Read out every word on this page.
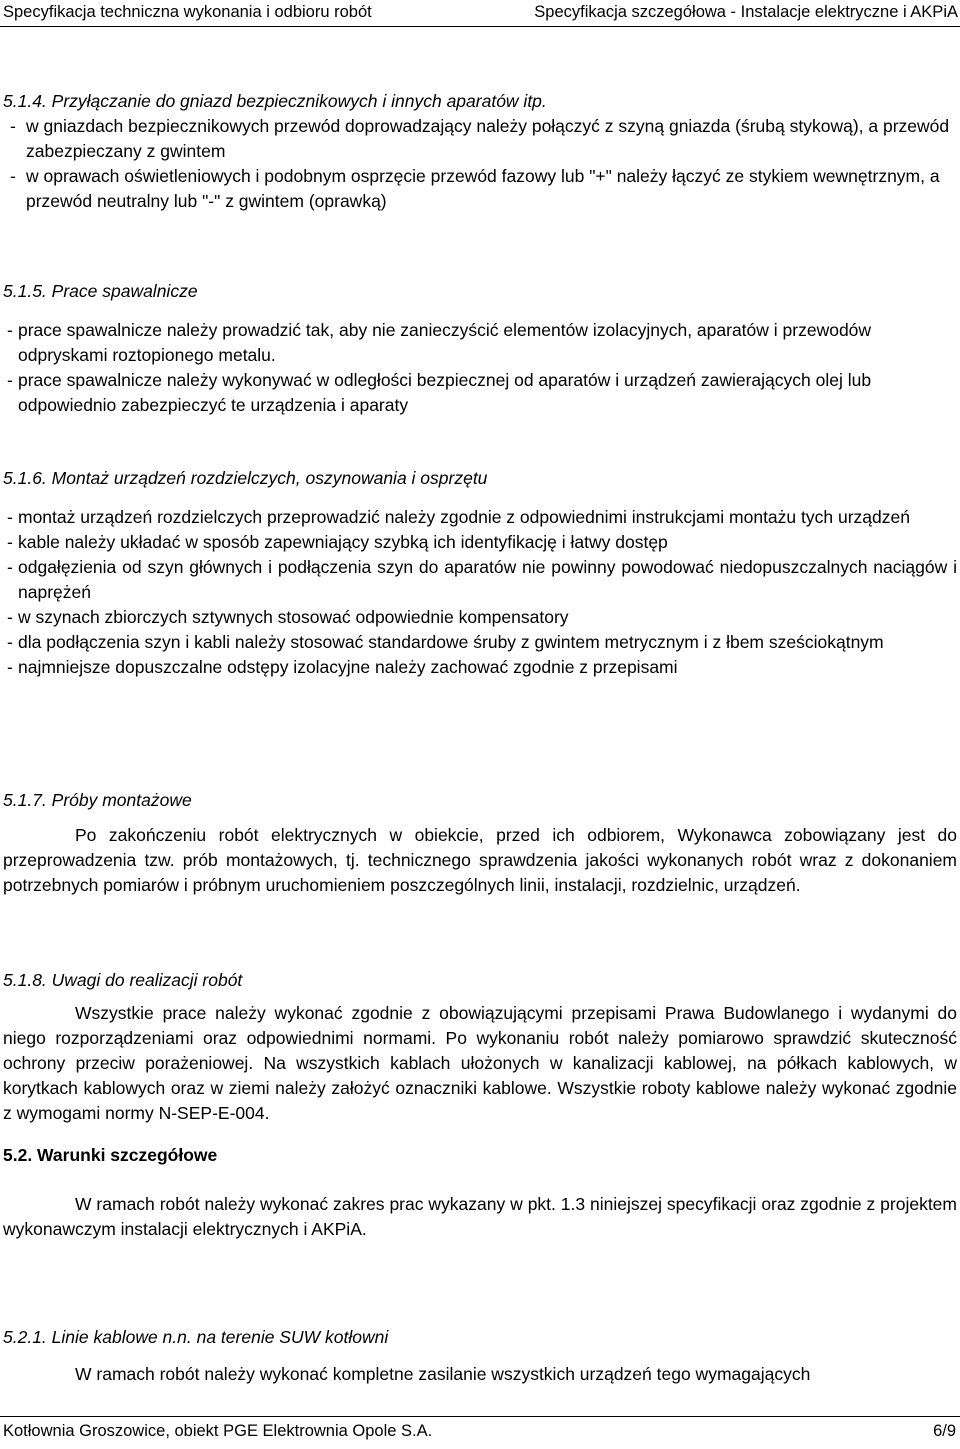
Specyfikacja techniczna wykonania i odbioru robót	Specyfikacja szczegółowa - Instalacje elektryczne i AKPiA
5.1.4. Przyłączanie do gniazd bezpiecznikowych i innych aparatów itp.
- w gniazdach bezpiecznikowych przewód doprowadzający należy połączyć z szyną gniazda (śrubą stykową), a przewód zabezpieczany z gwintem
- w oprawach oświetleniowych i podobnym osprzęcie przewód fazowy lub "+" należy łączyć ze stykiem wewnętrznym, a przewód neutralny lub "-" z gwintem (oprawką)
5.1.5. Prace spawalnicze
- prace spawalnicze należy prowadzić tak, aby nie zanieczyścić elementów izolacyjnych, aparatów i przewodów odpryskami roztopionego metalu.
- prace spawalnicze należy wykonywać w odległości bezpiecznej od aparatów i urządzeń zawierających olej lub odpowiednio zabezpieczyć te urządzenia i aparaty
5.1.6. Montaż urządzeń rozdzielczych, oszynowania i osprzętu
- montaż urządzeń rozdzielczych przeprowadzić należy zgodnie z odpowiednimi instrukcjami montażu tych urządzeń
- kable należy układać w sposób zapewniający szybką ich identyfikację i łatwy dostęp
- odgałęzienia od szyn głównych i podłączenia szyn do aparatów nie powinny powodować niedopuszczalnych naciągów i naprężeń
- w szynach zbiorczych sztywnych stosować odpowiednie kompensatory
- dla podłączenia szyn i kabli należy stosować standardowe śruby z gwintem metrycznym i z łbem sześciokątnym
- najmniejsze dopuszczalne odstępy izolacyjne należy zachować zgodnie z przepisami
5.1.7. Próby montażowe
Po zakończeniu robót elektrycznych w obiekcie, przed ich odbiorem, Wykonawca zobowiązany jest do przeprowadzenia tzw. prób montażowych, tj. technicznego sprawdzenia jakości wykonanych robót wraz z dokonaniem potrzebnych pomiarów i próbnym uruchomieniem poszczególnych linii, instalacji, rozdzielnic, urządzeń.
5.1.8. Uwagi do realizacji robót
Wszystkie prace należy wykonać zgodnie z obowiązującymi przepisami Prawa Budowlanego i wydanymi do niego rozporządzeniami oraz odpowiednimi normami. Po wykonaniu robót należy pomiarowo sprawdzić skuteczność ochrony przeciw porażeniowej. Na wszystkich kablach ułożonych w kanalizacji kablowej, na półkach kablowych, w korytkach kablowych oraz w ziemi należy założyć oznaczniki kablowe. Wszystkie roboty kablowe należy wykonać zgodnie z wymogami normy N-SEP-E-004.
5.2. Warunki szczegółowe
W ramach robót należy wykonać zakres prac wykazany w pkt. 1.3 niniejszej specyfikacji oraz zgodnie z projektem wykonawczym instalacji elektrycznych i AKPiA.
5.2.1. Linie kablowe n.n. na terenie SUW kotłowni
W ramach robót należy wykonać kompletne zasilanie wszystkich urządzeń tego wymagających
Kotłownia Groszowice, obiekt PGE Elektrownia Opole S.A.	6/9
